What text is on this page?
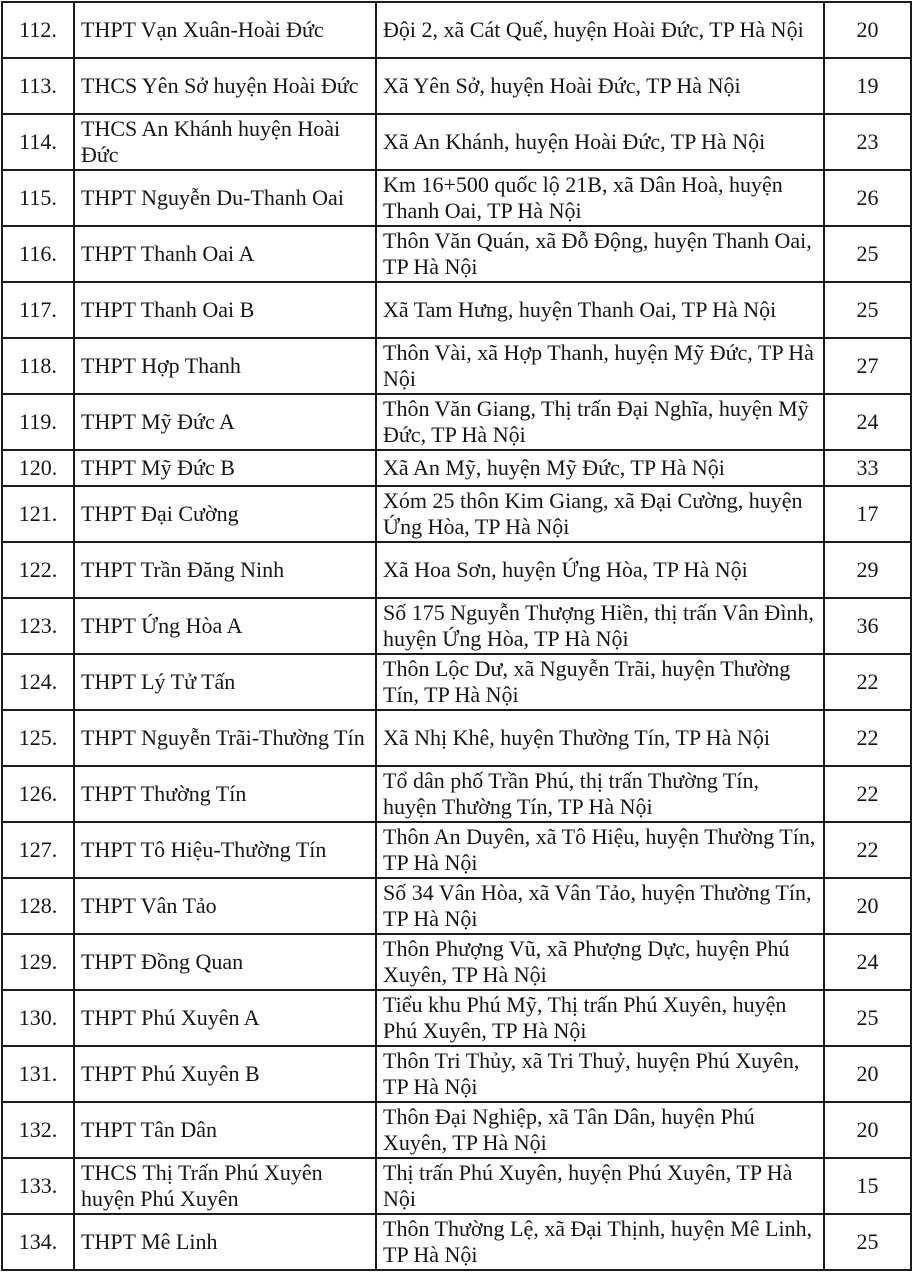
112.	THPT Vạn Xuân-Hoài Đức	Đội 2, xã Cát Quế, huyện Hoài Đức, TP Hà Nội	20
113.	THCS Yên Sở huyện Hoài Đức	Xã Yên Sở, huyện Hoài Đức, TP Hà Nội	19
114.	THCS An Khánh huyện Hoài Đức	Xã An Khánh, huyện Hoài Đức, TP Hà Nội	23
115.	THPT Nguyễn Du-Thanh Oai	Km 16+500 quốc lộ 21B, xã Dân Hoà, huyện Thanh Oai, TP Hà Nội	26
116.	THPT Thanh Oai A	Thôn Văn Quán, xã Đỗ Động, huyện Thanh Oai, TP Hà Nội	25
117.	THPT Thanh Oai B	Xã Tam Hưng, huyện Thanh Oai, TP Hà Nội	25
118.	THPT Hợp Thanh	Thôn Vài, xã Hợp Thanh, huyện Mỹ Đức, TP Hà Nội	27
119.	THPT Mỹ Đức A	Thôn Văn Giang, Thị trấn Đại Nghĩa, huyện Mỹ Đức, TP Hà Nội	24
120.	THPT Mỹ Đức B	Xã An Mỹ, huyện Mỹ Đức, TP Hà Nội	33
121.	THPT Đại Cường	Xóm 25 thôn Kim Giang, xã Đại Cường, huyện Ứng Hòa, TP Hà Nội	17
122.	THPT Trần Đăng Ninh	Xã Hoa Sơn, huyện Ứng Hòa, TP Hà Nội	29
123.	THPT Ứng Hòa A	Số 175 Nguyễn Thượng Hiền, thị trấn Vân Đình, huyện Ứng Hòa, TP Hà Nội	36
124.	THPT Lý Tử Tấn	Thôn Lộc Dư, xã Nguyễn Trãi, huyện Thường Tín, TP Hà Nội	22
125.	THPT Nguyễn Trãi-Thường Tín	Xã Nhị Khê, huyện Thường Tín, TP Hà Nội	22
126.	THPT Thường Tín	Tổ dân phố Trần Phú, thị trấn Thường Tín, huyện Thường Tín, TP Hà Nội	22
127.	THPT Tô Hiệu-Thường Tín	Thôn An Duyên, xã Tô Hiệu, huyện Thường Tín, TP Hà Nội	22
128.	THPT Vân Tảo	Số 34 Vân Hòa, xã Vân Tảo, huyện Thường Tín, TP Hà Nội	20
129.	THPT Đồng Quan	Thôn Phượng Vũ, xã Phượng Dực, huyện Phú Xuyên, TP Hà Nội	24
130.	THPT Phú Xuyên A	Tiểu khu Phú Mỹ, Thị trấn Phú Xuyên, huyện Phú Xuyên, TP Hà Nội	25
131.	THPT Phú Xuyên B	Thôn Tri Thủy, xã Tri Thuỷ, huyện Phú Xuyên, TP Hà Nội	20
132.	THPT Tân Dân	Thôn Đại Nghiệp, xã Tân Dân, huyện Phú Xuyên, TP Hà Nội	20
133.	THCS Thị Trấn Phú Xuyên huyện Phú Xuyên	Thị trấn Phú Xuyên, huyện Phú Xuyên, TP Hà Nội	15
134.	THPT Mê Linh	Thôn Thường Lệ, xã Đại Thịnh, huyện Mê Linh, TP Hà Nội	25
